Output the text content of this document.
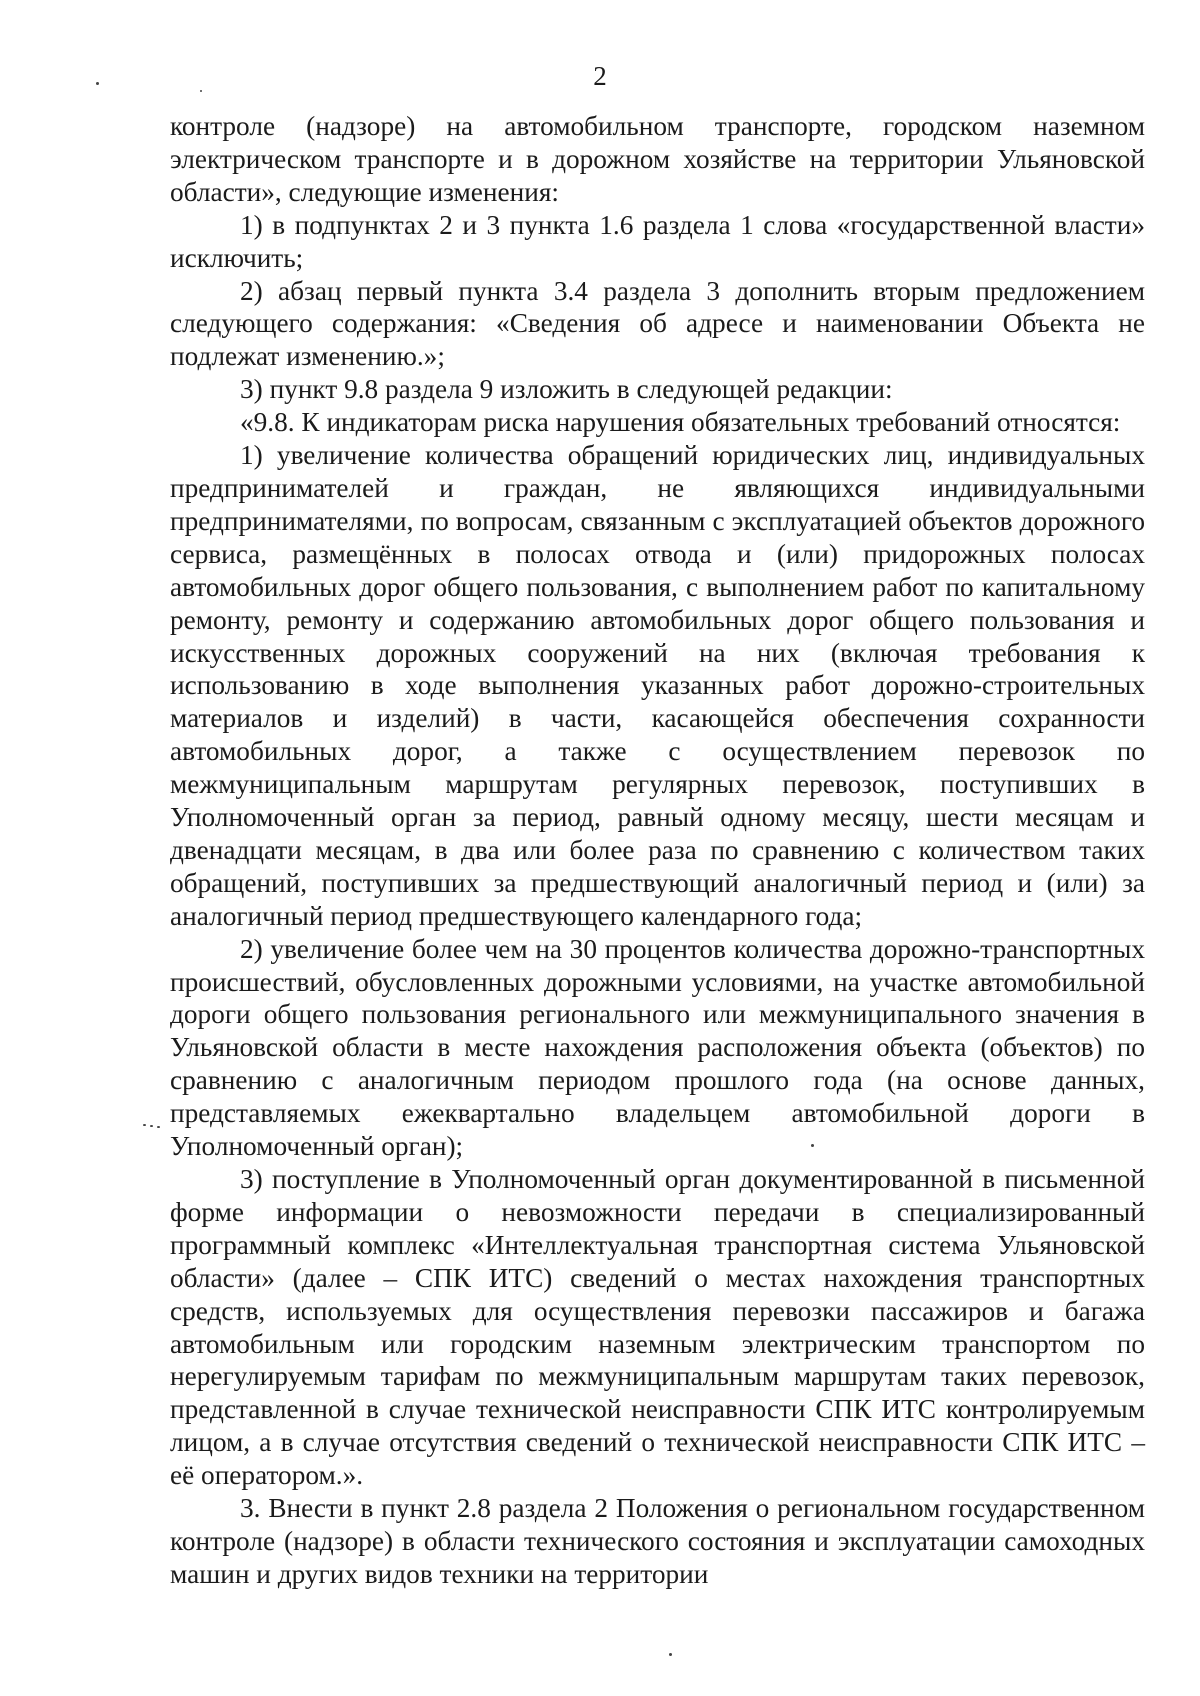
2

контроле (надзоре) на автомобильном транспорте, городском наземном электрическом транспорте и в дорожном хозяйстве на территории Ульяновской области», следующие изменения:

1) в подпунктах 2 и 3 пункта 1.6 раздела 1 слова «государственной власти» исключить;

2) абзац первый пункта 3.4 раздела 3 дополнить вторым предложением следующего содержания: «Сведения об адресе и наименовании Объекта не подлежат изменению.»;

3) пункт 9.8 раздела 9 изложить в следующей редакции:

«9.8. К индикаторам риска нарушения обязательных требований относятся:

1) увеличение количества обращений юридических лиц, индивидуальных предпринимателей и граждан, не являющихся индивидуальными предпринимателями, по вопросам, связанным с эксплуатацией объектов дорожного сервиса, размещённых в полосах отвода и (или) придорожных полосах автомобильных дорог общего пользования, с выполнением работ по капитальному ремонту, ремонту и содержанию автомобильных дорог общего пользования и искусственных дорожных сооружений на них (включая требования к использованию в ходе выполнения указанных работ дорожно-строительных материалов и изделий) в части, касающейся обеспечения сохранности автомобильных дорог, а также с осуществлением перевозок по межмуниципальным маршрутам регулярных перевозок, поступивших в Уполномоченный орган за период, равный одному месяцу, шести месяцам и двенадцати месяцам, в два или более раза по сравнению с количеством таких обращений, поступивших за предшествующий аналогичный период и (или) за аналогичный период предшествующего календарного года;

2) увеличение более чем на 30 процентов количества дорожно-транспортных происшествий, обусловленных дорожными условиями, на участке автомобильной дороги общего пользования регионального или межмуниципального значения в Ульяновской области в месте нахождения расположения объекта (объектов) по сравнению с аналогичным периодом прошлого года (на основе данных, представляемых ежеквартально владельцем автомобильной дороги в Уполномоченный орган);

3) поступление в Уполномоченный орган документированной в письменной форме информации о невозможности передачи в специализированный программный комплекс «Интеллектуальная транспортная система Ульяновской области» (далее – СПК ИТС) сведений о местах нахождения транспортных средств, используемых для осуществления перевозки пассажиров и багажа автомобильным или городским наземным электрическим транспортом по нерегулируемым тарифам по межмуниципальным маршрутам таких перевозок, представленной в случае технической неисправности СПК ИТС контролируемым лицом, а в случае отсутствия сведений о технической неисправности СПК ИТС – её оператором.».

3. Внести в пункт 2.8 раздела 2 Положения о региональном государственном контроле (надзоре) в области технического состояния и эксплуатации самоходных машин и других видов техники на территории
